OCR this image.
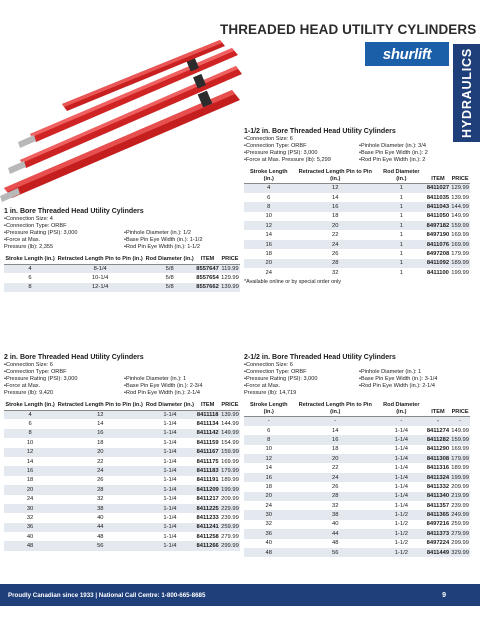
THREADED HEAD UTILITY CYLINDERS
shurlift HYDRAULICS
1 in. Bore Threaded Head Utility Cylinders
•Connection Size: 4
•Connection Type: ORBF
•Pressure Rating (PSI): 3,000	•Pinhole Diameter (in.): 1/2
•Force at Max.	•Base Pin Eye Width (in.): 1-1/2
Pressure (lb): 2,355	•Rod Pin Eye Width (in.): 1-1/2
Stroke Length (in.)	Retracted Length Pin to Pin (in.)	Rod Diameter (in.)	ITEM	PRICE
4	8-1/4	5/8	8557647	119.99
6	10-1/4	5/8	8557654	129.99
8	12-1/4	5/8	8557662	139.99
1-1/2 in. Bore Threaded Head Utility Cylinders
•Connection Size: 6
•Connection Type: ORBF	•Pinhole Diameter (in.): 3/4
•Pressure Rating (PSI): 3,000	•Base Pin Eye Width (in.): 2
•Force at Max. Pressure (lb): 5,299	•Rod Pin Eye Width (in.): 2
Stroke Length (in.)	Retracted Length Pin to Pin (in.)	Rod Diameter (in.)	ITEM	PRICE
4	12	1	8411027	129.99
6	14	1	8411035	139.99
8	16	1	8411043	144.99
10	18	1	8411050	149.99
12	20	1	8497182	159.99
14	22	1	8497190	169.99
16	24	1	8411076	169.99
18	26	1	8497208	179.99
20	28	1	8411092	189.99
24	32	1	8411100	199.99
*Available online or by special order only
2 in. Bore Threaded Head Utility Cylinders
•Connection Size: 6
•Connection Type: ORBF
•Pressure Rating (PSI): 3,000	•Pinhole Diameter (in.): 1
•Force at Max.	•Base Pin Eye Width (in.): 2-3/4
Pressure (lb): 9,420	•Rod Pin Eye Width (in.): 2-1/4
Stroke Length (in.)	Retracted Length Pin to Pin (in.)	Rod Diameter (in.)	ITEM	PRICE
4	12	1-1/4	8411118	139.99
6	14	1-1/4	8411134	144.99
8	16	1-1/4	8411142	149.99
10	18	1-1/4	8411159	154.99
12	20	1-1/4	8411167	159.99
14	22	1-1/4	8411175	169.99
16	24	1-1/4	8411183	179.99
18	26	1-1/4	8411191	189.99
20	28	1-1/4	8411209	199.99
24	32	1-1/4	8411217	209.99
30	38	1-1/4	8411225	229.99
32	40	1-1/4	8411233	239.99
36	44	1-1/4	8411241	259.99
40	48	1-1/4	8411258	279.99
48	56	1-1/4	8411266	299.99
2-1/2 in. Bore Threaded Head Utility Cylinders
•Connection Size: 6
•Connection Type: ORBF	•Pinhole Diameter (in.): 1
•Pressure Rating (PSI): 3,000	•Base Pin Eye Width (in.): 3-1/4
•Force at Max.	•Rod Pin Eye Width (in.): 2-1/4
Pressure (lb): 14,719
Stroke Length (in.)	Retracted Length Pin to Pin (in.)	Rod Diameter (in.)	ITEM	PRICE
-	-	-	-	-
6	14	1-1/4	8411274	149.99
8	16	1-1/4	8411282	159.99
10	18	1-1/4	8411290	169.99
12	20	1-1/4	8411308	179.99
14	22	1-1/4	8411316	189.99
16	24	1-1/4	8411324	199.99
18	26	1-1/4	8411332	209.99
20	28	1-1/4	8411340	219.99
24	32	1-1/4	8411357	239.99
30	38	1-1/2	8411365	249.99
32	40	1-1/2	8497216	259.99
36	44	1-1/2	8411373	279.99
40	48	1-1/2	8497224	299.99
48	56	1-1/2	8411449	329.99
Proudly Canadian since 1933 | National Call Centre: 1-800-665-8685	9
